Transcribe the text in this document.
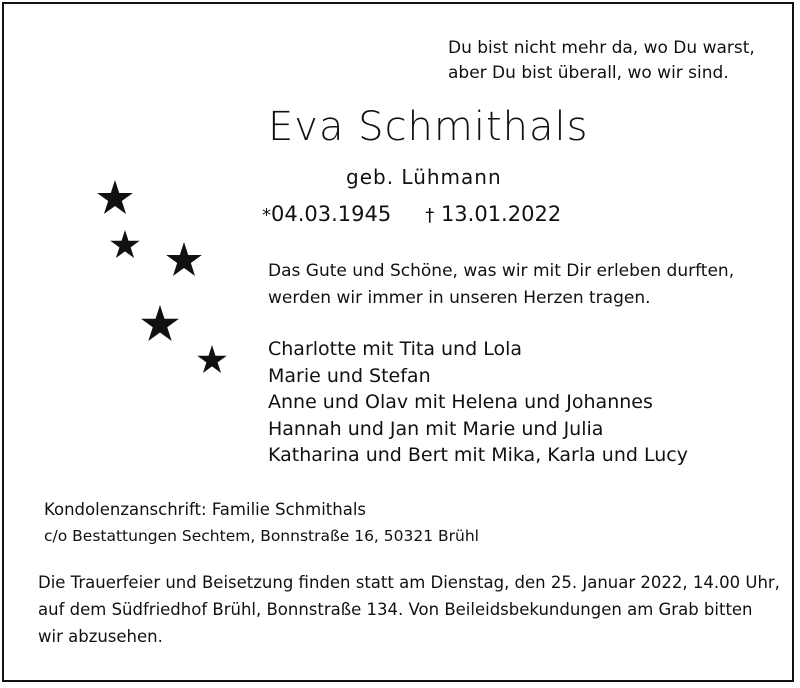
Du bist nicht mehr da, wo Du warst,
aber Du bist überall, wo wir sind.
Eva Schmithals
geb. Lühmann
*04.03.1945 † 13.01.2022
Das Gute und Schöne, was wir mit Dir erleben durften,
werden wir immer in unseren Herzen tragen.
Charlotte mit Tita und Lola
Marie und Stefan
Anne und Olav mit Helena und Johannes
Hannah und Jan mit Marie und Julia
Katharina und Bert mit Mika, Karla und Lucy
Kondolenzanschrift: Familie Schmithals
c/o Bestattungen Sechtem, Bonnstraße 16, 50321 Brühl
Die Trauerfeier und Beisetzung finden statt am Dienstag, den 25. Januar 2022, 14.00 Uhr,
auf dem Südfriedhof Brühl, Bonnstraße 134. Von Beileidsbekundungen am Grab bitten
wir abzusehen.
